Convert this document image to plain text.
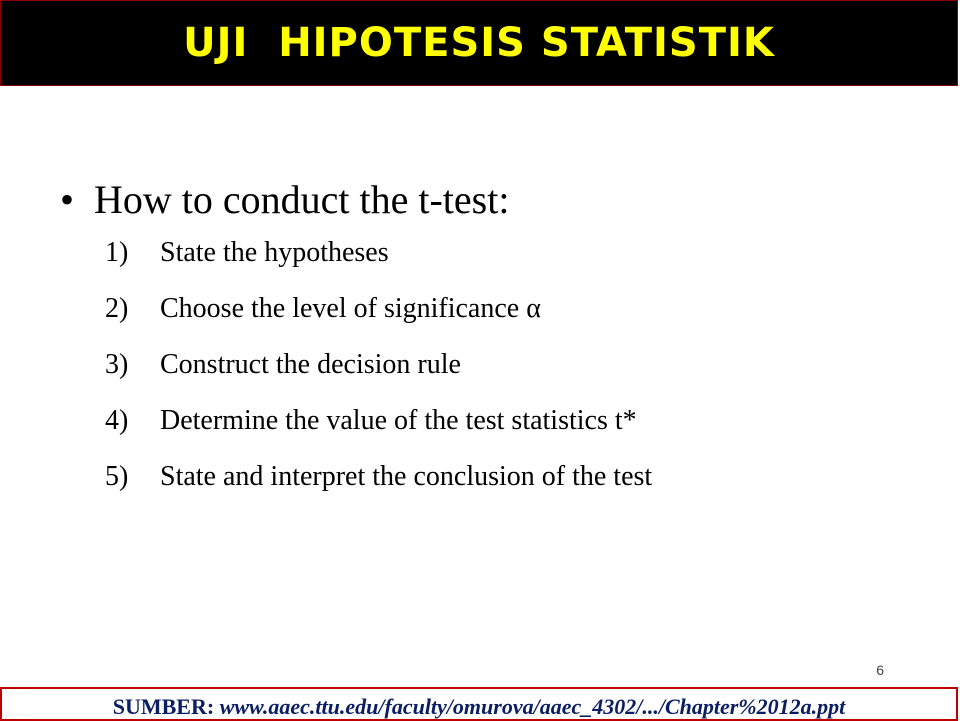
UJI  HIPOTESIS STATISTIK
• How to conduct the t-test:
1)	State the hypotheses
2)	Choose the level of significance α
3)	Construct the decision rule
4)	Determine the value of the test statistics t*
5)	State and interpret the conclusion of the test
6
SUMBER: www.aaec.ttu.edu/faculty/omurova/aaec_4302/.../Chapter%2012a.ppt
